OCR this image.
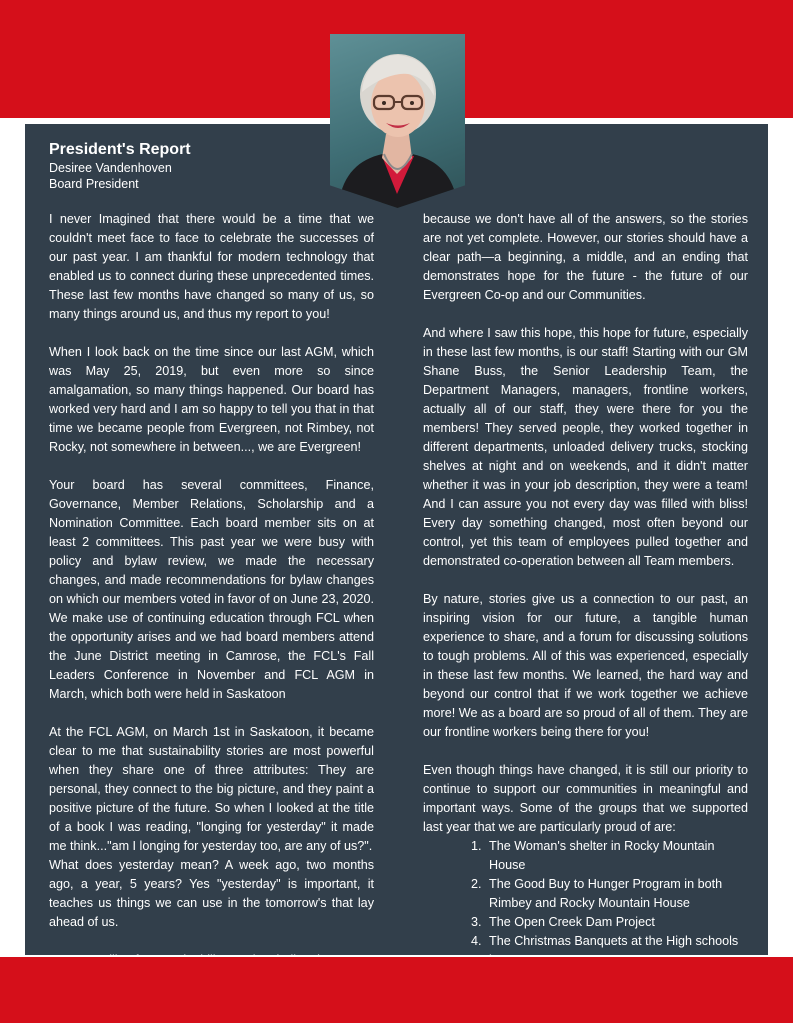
President's Report
Desiree Vandenhoven
Board President

I never Imagined that there would be a time that we couldn't meet face to face to celebrate the successes of our past year. I am thankful for modern technology that enabled us to connect during these unprecedented times. These last few months have changed so many of us, so many things around us, and thus my report to you!

When I look back on the time since our last AGM, which was May 25, 2019, but even more so since amalgamation, so many things happened. Our board has worked very hard and I am so happy to tell you that in that time we became people from Evergreen, not Rimbey, not Rocky, not somewhere in between..., we are Evergreen!

Your board has several committees, Finance, Governance, Member Relations, Scholarship and a Nomination Committee. Each board member sits on at least 2 committees. This past year we were busy with policy and bylaw review, we made the necessary changes, and made recommendations for bylaw changes on which our members voted in favor of on June 23, 2020. We make use of continuing education through FCL when the opportunity arises and we had board members attend the June District meeting in Camrose, the FCL's Fall Leaders Conference in November and FCL AGM in March, which both were held in Saskatoon

At the FCL AGM, on March 1st in Saskatoon, it became clear to me that sustainability stories are most powerful when they share one of three attributes: They are personal, they connect to the big picture, and they paint a positive picture of the future. So when I looked at the title of a book I was reading, "longing for yesterday" it made me think..."am I longing for yesterday too, are any of us?".

What does yesterday mean? A week ago, two months ago, a year, 5 years? Yes "yesterday" is important, it teaches us things we can use in the tomorrow's that lay ahead of us.

because we don't have all of the answers, so the stories are not yet complete. However, our stories should have a clear path—a beginning, a middle, and an ending that demonstrates hope for the future - the future of our Evergreen Co-op and our Communities.

And where I saw this hope, this hope for future, especially in these last few months, is our staff! Starting with our GM Shane Buss, the Senior Leadership Team, the Department Managers, managers, frontline workers, actually all of our staff, they were there for you the members! They served people, they worked together in different departments, unloaded delivery trucks, stocking shelves at night and on weekends, and it didn't matter whether it was in your job description, they were a team! And I can assure you not every day was filled with bliss! Every day something changed, most often beyond our control, yet this team of employees pulled together and demonstrated co-operation between all Team members.

By nature, stories give us a connection to our past, an inspiring vision for our future, a tangible human experience to share, and a forum for discussing solutions to tough problems. All of this was experienced, especially in these last few months. We learned, the hard way and beyond our control that if we work together we achieve more! We as a board are so proud of all of them. They are our frontline workers being there for you!

Even though things have changed, it is still our priority to continue to support our communities in meaningful and important ways. Some of the groups that we supported last year that we are particularly proud of are:

1. The Woman's shelter in Rocky Mountain House
2. The Good Buy to Hunger Program in both Rimbey and Rocky Mountain House
3. The Open Creek Dam Project
4. The Christmas Banquets at the High schools
